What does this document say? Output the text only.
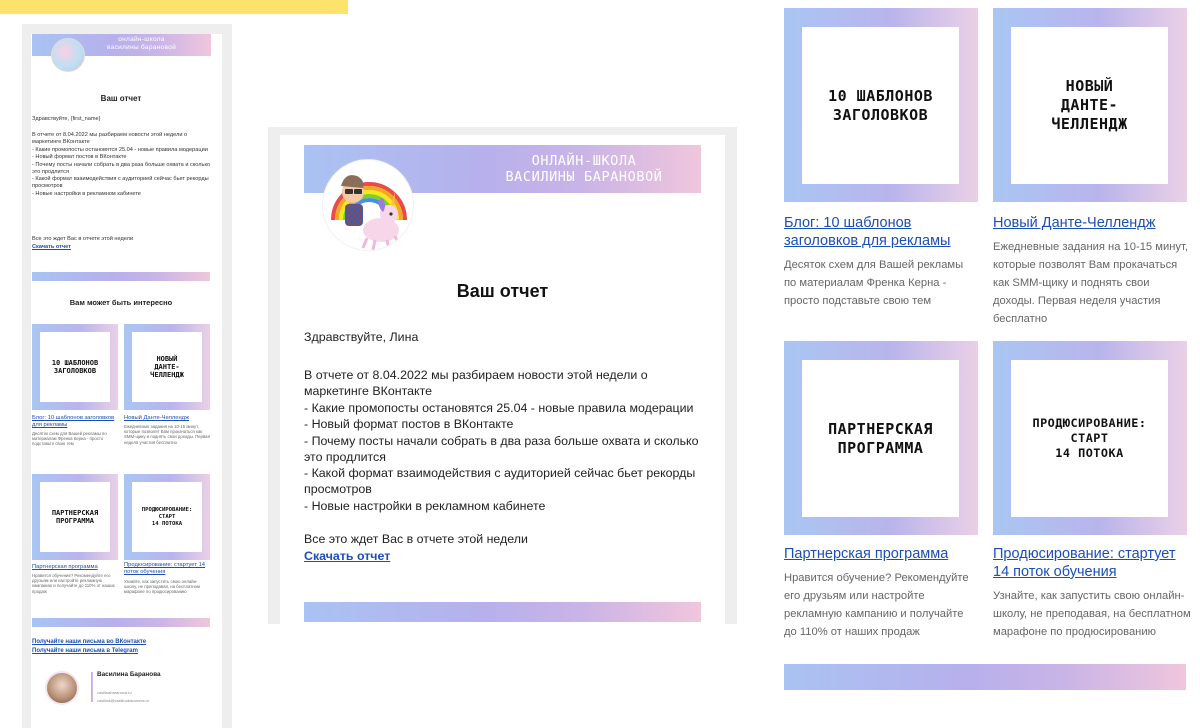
онлайн-школа
василины барановой
Ваш отчет
Здравствуйте, {first_name}
В отчете от 8.04.2022 мы разбираем новости этой недели о маркетинге ВКонтакте
- Какие промопосты остановятся 25.04 - новые правила модерации
- Новый формат постов в ВКонтакте
- Почему посты начали собрать в два раза больше охвата и сколько это продлится
- Какой формат взаимодействия с аудиторией сейчас бьет рекорды просмотров
- Новые настройки в рекламном кабинете
Все это ждет Вас в отчете этой недели
Скачать отчет
Вам может быть интересно
10 ШАБЛОНОВ
ЗАГОЛОВКОВ
НОВЫЙ
ДАНТЕ-
ЧЕЛЛЕНДЖ
Блог: 10 шаблонов заголовков для рекламы
Десяток схем для Вашей рекламы по материалам Френка Керна - просто подставьте свою тем
Новый Данте-Челлендж
Ежедневные задания на 10-15 минут, которые позволят Вам прокачаться как SMM-щику и поднять свои доходы. Первая неделя участия бесплатно
ПАРТНЕРСКАЯ
ПРОГРАММА
ПРОДЮСИРОВАНИЕ:
СТАРТ
14 ПОТОКА
Партнерская программа
Нравится обучение? Рекомендуйте его друзьям или настройте рекламную кампанию и получайте до 110% от наших продаж
Продюсирование: стартует 14 поток обучения
Узнайте, как запустить свою онлайн-школу, не преподавая, на бесплатном марафоне по продюсированию
Получайте наши письма во ВКонтакте
Получайте наши письма в Telegram
Василина Баранова
vasilinabaranova.ru
vasilina@vasilinabaranova.ru
ОНЛАЙН-ШКОЛА
ВАСИЛИНЫ БАРАНОВОЙ
Ваш отчет
Здравствуйте, Лина
В отчете от 8.04.2022 мы разбираем новости этой недели о маркетинге ВКонтакте
- Какие промопосты остановятся 25.04 - новые правила модерации
- Новый формат постов в ВКонтакте
- Почему посты начали собрать в два раза больше охвата и сколько это продлится
- Какой формат взаимодействия с аудиторией сейчас бьет рекорды просмотров
- Новые настройки в рекламном кабинете
Все это ждет Вас в отчете этой недели
Скачать отчет
10 ШАБЛОНОВ
ЗАГОЛОВКОВ
НОВЫЙ
ДАНТЕ-
ЧЕЛЛЕНДЖ
Блог: 10 шаблонов заголовков для рекламы
Десяток схем для Вашей рекламы по материалам Френка Керна - просто подставьте свою тем
Новый Данте-Челлендж
Ежедневные задания на 10-15 минут, которые позволят Вам прокачаться как SMM-щику и поднять свои доходы. Первая неделя участия бесплатно
ПАРТНЕРСКАЯ
ПРОГРАММА
ПРОДЮСИРОВАНИЕ:
СТАРТ
14 ПОТОКА
Партнерская программа
Нравится обучение? Рекомендуйте его друзьям или настройте рекламную кампанию и получайте до 110% от наших продаж
Продюсирование: стартует 14 поток обучения
Узнайте, как запустить свою онлайн-школу, не преподавая, на бесплатном марафоне по продюсированию
